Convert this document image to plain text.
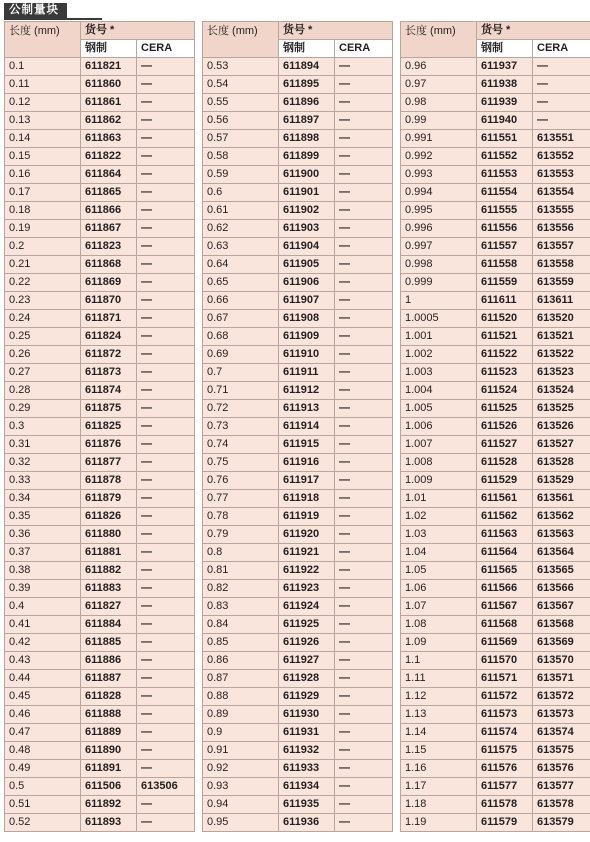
公制量块
长度 (mm)	货号 *	
	钢制	CERA
0.1	611821	—
0.11	611860	—
0.12	611861	—
0.13	611862	—
0.14	611863	—
0.15	611822	—
0.16	611864	—
0.17	611865	—
0.18	611866	—
0.19	611867	—
0.2	611823	—
0.21	611868	—
0.22	611869	—
0.23	611870	—
0.24	611871	—
0.25	611824	—
0.26	611872	—
0.27	611873	—
0.28	611874	—
0.29	611875	—
0.3	611825	—
0.31	611876	—
0.32	611877	—
0.33	611878	—
0.34	611879	—
0.35	611826	—
0.36	611880	—
0.37	611881	—
0.38	611882	—
0.39	611883	—
0.4	611827	—
0.41	611884	—
0.42	611885	—
0.43	611886	—
0.44	611887	—
0.45	611828	—
0.46	611888	—
0.47	611889	—
0.48	611890	—
0.49	611891	—
0.5	611506	613506
0.51	611892	—
0.52	611893	—
长度 (mm)	货号 *	
	钢制	CERA
0.53	611894	—
0.54	611895	—
0.55	611896	—
0.56	611897	—
0.57	611898	—
0.58	611899	—
0.59	611900	—
0.6	611901	—
0.61	611902	—
0.62	611903	—
0.63	611904	—
0.64	611905	—
0.65	611906	—
0.66	611907	—
0.67	611908	—
0.68	611909	—
0.69	611910	—
0.7	611911	—
0.71	611912	—
0.72	611913	—
0.73	611914	—
0.74	611915	—
0.75	611916	—
0.76	611917	—
0.77	611918	—
0.78	611919	—
0.79	611920	—
0.8	611921	—
0.81	611922	—
0.82	611923	—
0.83	611924	—
0.84	611925	—
0.85	611926	—
0.86	611927	—
0.87	611928	—
0.88	611929	—
0.89	611930	—
0.9	611931	—
0.91	611932	—
0.92	611933	—
0.93	611934	—
0.94	611935	—
0.95	611936	—
长度 (mm)	货号 *	
	钢制	CERA
0.96	611937	—
0.97	611938	—
0.98	611939	—
0.99	611940	—
0.991	611551	613551
0.992	611552	613552
0.993	611553	613553
0.994	611554	613554
0.995	611555	613555
0.996	611556	613556
0.997	611557	613557
0.998	611558	613558
0.999	611559	613559
1	611611	613611
1.0005	611520	613520
1.001	611521	613521
1.002	611522	613522
1.003	611523	613523
1.004	611524	613524
1.005	611525	613525
1.006	611526	613526
1.007	611527	613527
1.008	611528	613528
1.009	611529	613529
1.01	611561	613561
1.02	611562	613562
1.03	611563	613563
1.04	611564	613564
1.05	611565	613565
1.06	611566	613566
1.07	611567	613567
1.08	611568	613568
1.09	611569	613569
1.1	611570	613570
1.11	611571	613571
1.12	611572	613572
1.13	611573	613573
1.14	611574	613574
1.15	611575	613575
1.16	611576	613576
1.17	611577	613577
1.18	611578	613578
1.19	611579	613579
